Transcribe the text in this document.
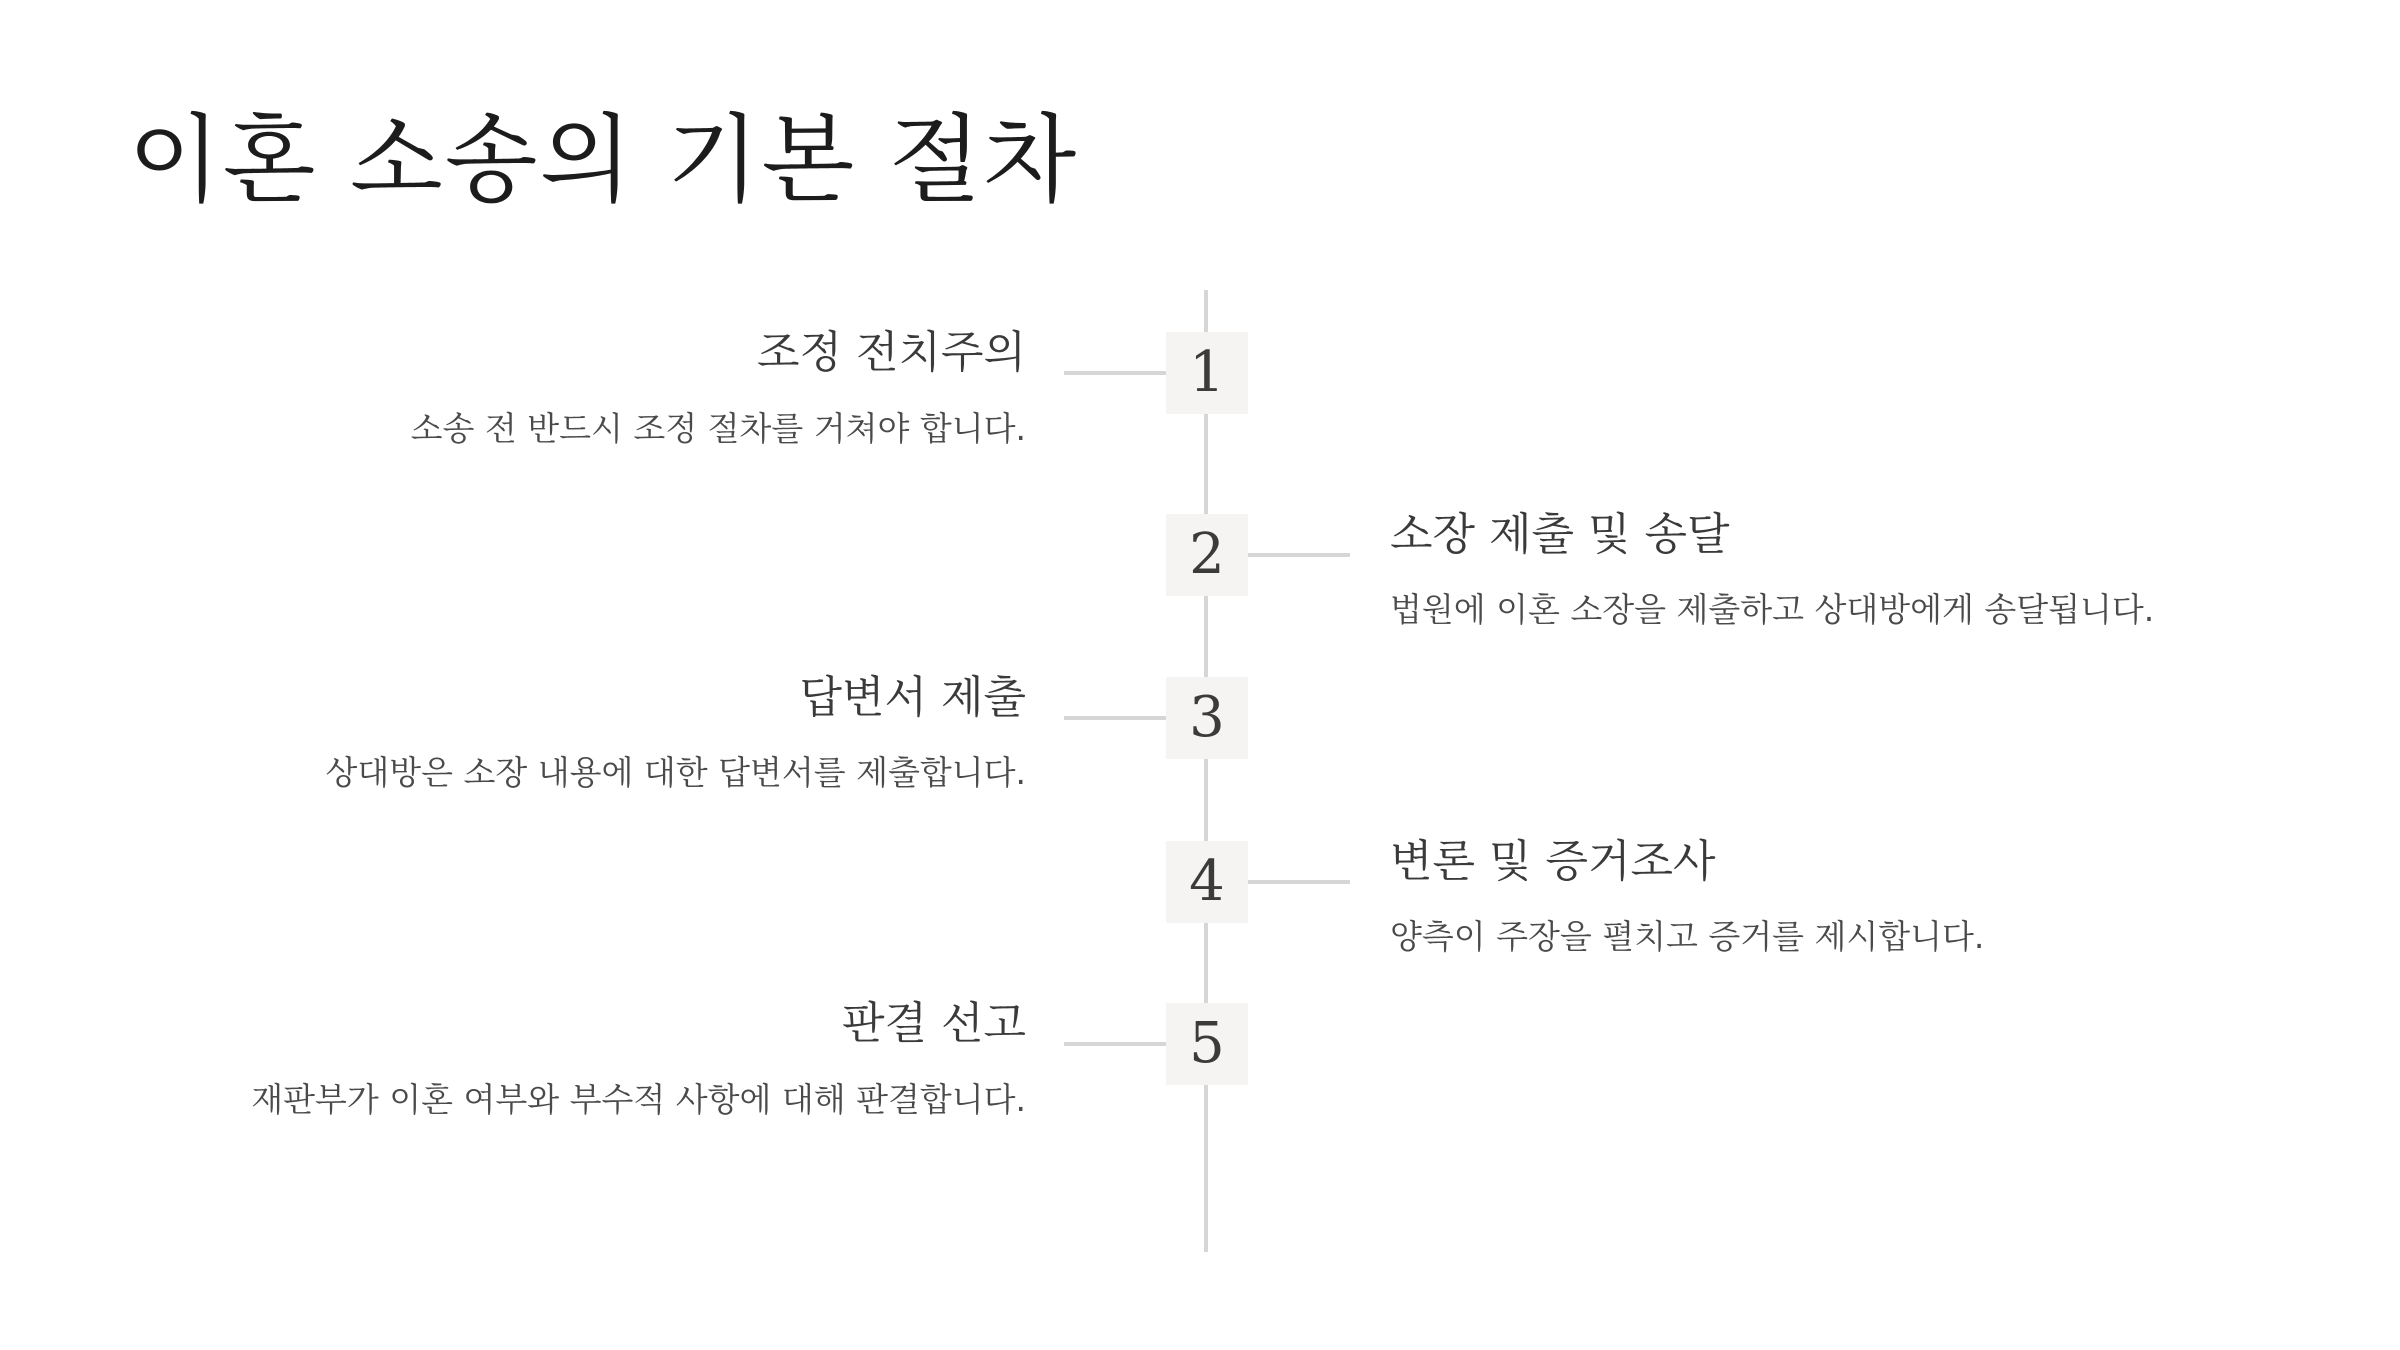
이혼 소송의 기본 절차
1
조정 전치주의

소송 전 반드시 조정 절차를 거쳐야 합니다.

2	소장 제출 및 송달

법원에 이혼 소장을 제출하고 상대방에게 송달됩니다.

3
답변서 제출

상대방은 소장 내용에 대한 답변서를 제출합니다.

4	변론 및 증거조사

양측이 주장을 펼치고 증거를 제시합니다.

5
판결 선고

재판부가 이혼 여부와 부수적 사항에 대해 판결합니다.
